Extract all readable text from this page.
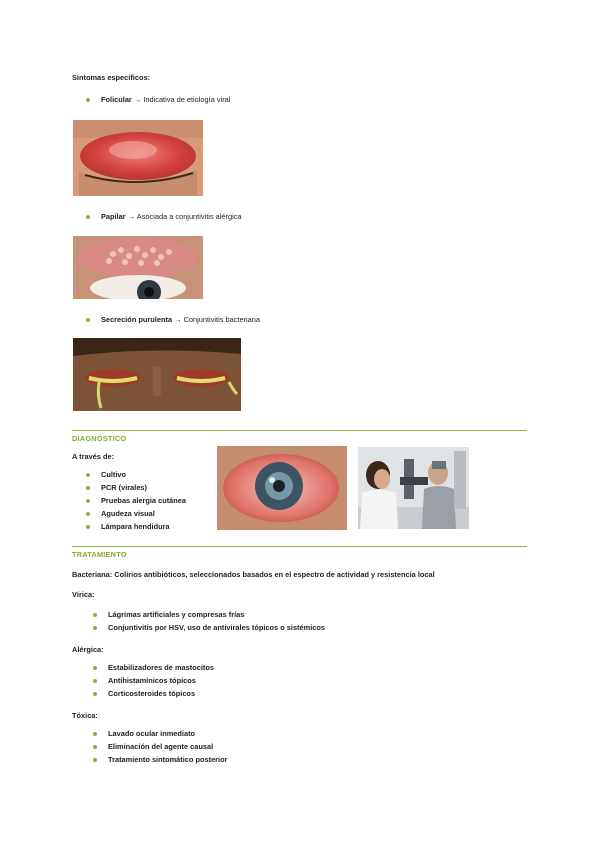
Síntomas específicos:
Folicular → Indicativa de etiología viral
Papilar → Asociada a conjuntivitis alérgica
Secreción purulenta → Conjuntivitis bacteriana
DIAGNÓSTICO
A través de:
Cultivo
PCR (virales)
Pruebas alergia cutánea
Agudeza visual
Lámpara hendidura
TRATAMIENTO
Bacteriana: Colirios antibióticos, seleccionados basados en el espectro de actividad y resistencia local
Vírica:
Lágrimas artificiales y compresas frías
Conjuntivitis por HSV, uso de antivirales tópicos o sistémicos
Alérgica:
Estabilizadores de mastocitos
Antihistamínicos tópicos
Corticosteroides tópicos
Tóxica:
Lavado ocular inmediato
Eliminación del agente causal
Tratamiento sintomático posterior
